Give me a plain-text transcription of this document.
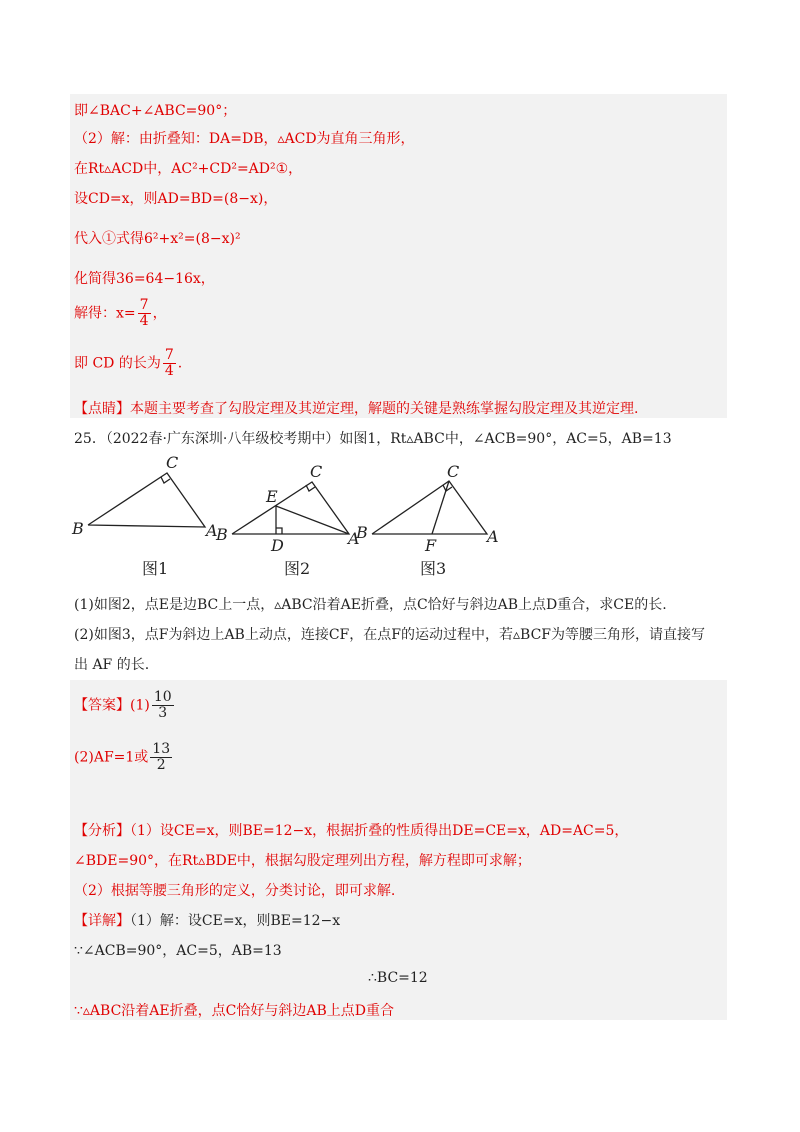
即∠BAC+∠ABC=90°；
（2）解：由折叠知：DA=DB，▵ACD为直角三角形，
在Rt▵ACD中，AC²+CD²=AD²①，
设CD=x，则AD=BD=(8−x)，
代入①式得6²+x²=(8−x)²
化简得36=64−16x，
解得：$x= \frac{7}{4}$ ，
即 CD 的长为 $\frac{7}{4}$ .
【点睛】本题主要考查了勾股定理及其逆定理，解题的关键是熟练掌握勾股定理及其逆定理.
25．（2022春·广东深圳·八年级校考期中）如图1，Rt▵ABC中，∠ACB=90°，AC=5，AB=13
C
B	A
图1
C
E
B
D	A
图2
C
B
F	A
图3
(1)如图2，点E是边BC上一点，▵ABC沿着AE折叠，点C恰好与斜边AB上点D重合，求CE的长.
(2)如图3，点F为斜边上AB上动点，连接CF，在点F的运动过程中，若▵BCF为等腰三角形，请直接写
出 AF 的长.
【答案】$(1) \frac{10}{3}$
(2)AF=1或 $\frac{13}{2}$
【分析】（1）设CE=x，则BE=12−x，根据折叠的性质得出DE=CE=x，AD=AC=5，
∠BDE=90°，在Rt▵BDE中，根据勾股定理列出方程，解方程即可求解；
（2）根据等腰三角形的定义，分类讨论，即可求解.
【详解】（1）解：设CE=x，则BE=12−x
∵∠ACB=90°，AC=5，AB=13
∴BC=12
∵▵ABC沿着AE折叠，点C恰好与斜边AB上点D重合
